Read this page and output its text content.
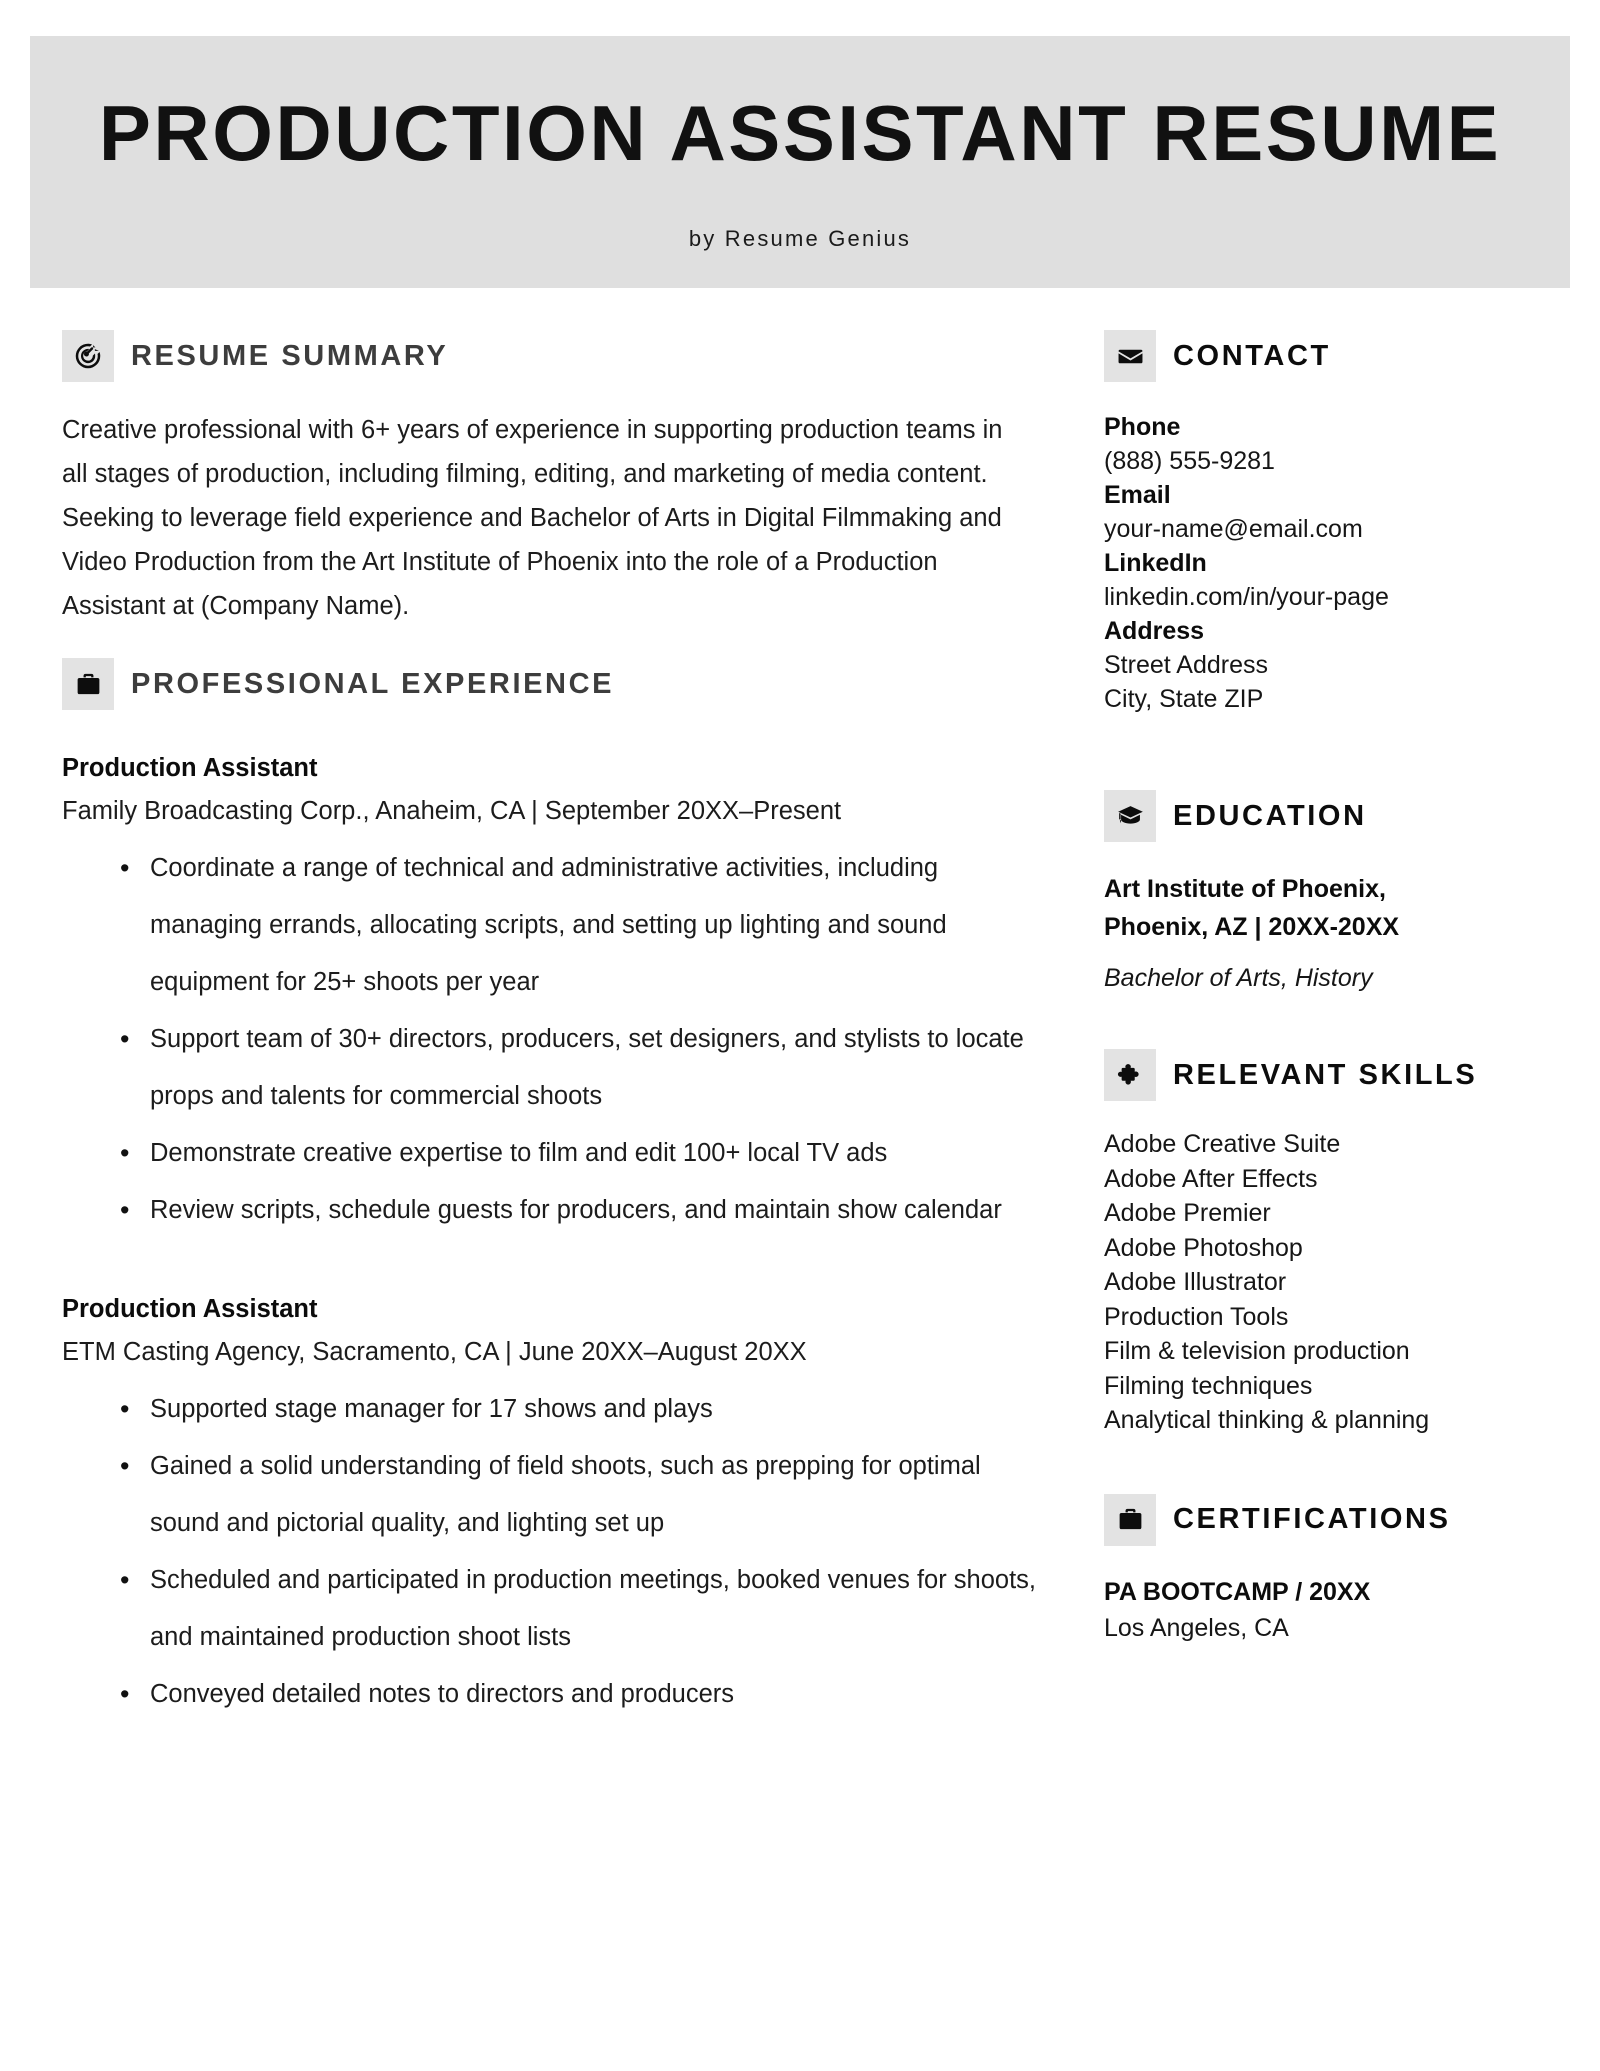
PRODUCTION ASSISTANT RESUME
by Resume Genius
RESUME SUMMARY

Creative professional with 6+ years of experience in supporting production teams in all stages of production, including filming, editing, and marketing of media content. Seeking to leverage field experience and Bachelor of Arts in Digital Filmmaking and Video Production from the Art Institute of Phoenix into the role of a Production Assistant at (Company Name).

PROFESSIONAL EXPERIENCE
Production Assistant
Family Broadcasting Corp., Anaheim, CA | September 20XX–Present
• Coordinate a range of technical and administrative activities, including managing errands, allocating scripts, and setting up lighting and sound equipment for 25+ shoots per year
• Support team of 30+ directors, producers, set designers, and stylists to locate props and talents for commercial shoots
• Demonstrate creative expertise to film and edit 100+ local TV ads
• Review scripts, schedule guests for producers, and maintain show calendar
Production Assistant
ETM Casting Agency, Sacramento, CA | June 20XX–August 20XX
• Supported stage manager for 17 shows and plays
• Gained a solid understanding of field shoots, such as prepping for optimal sound and pictorial quality, and lighting set up
• Scheduled and participated in production meetings, booked venues for shoots, and maintained production shoot lists
• Conveyed detailed notes to directors and producers
CONTACT
Phone
(888) 555-9281
Email
your-name@email.com
LinkedIn
linkedin.com/in/your-page
Address
Street Address
City, State ZIP
EDUCATION
Art Institute of Phoenix,
Phoenix, AZ | 20XX-20XX
Bachelor of Arts, History
RELEVANT SKILLS
Adobe Creative Suite
Adobe After Effects
Adobe Premier
Adobe Photoshop
Adobe Illustrator
Production Tools
Film & television production
Filming techniques
Analytical thinking & planning
CERTIFICATIONS
PA BOOTCAMP / 20XX
Los Angeles, CA
